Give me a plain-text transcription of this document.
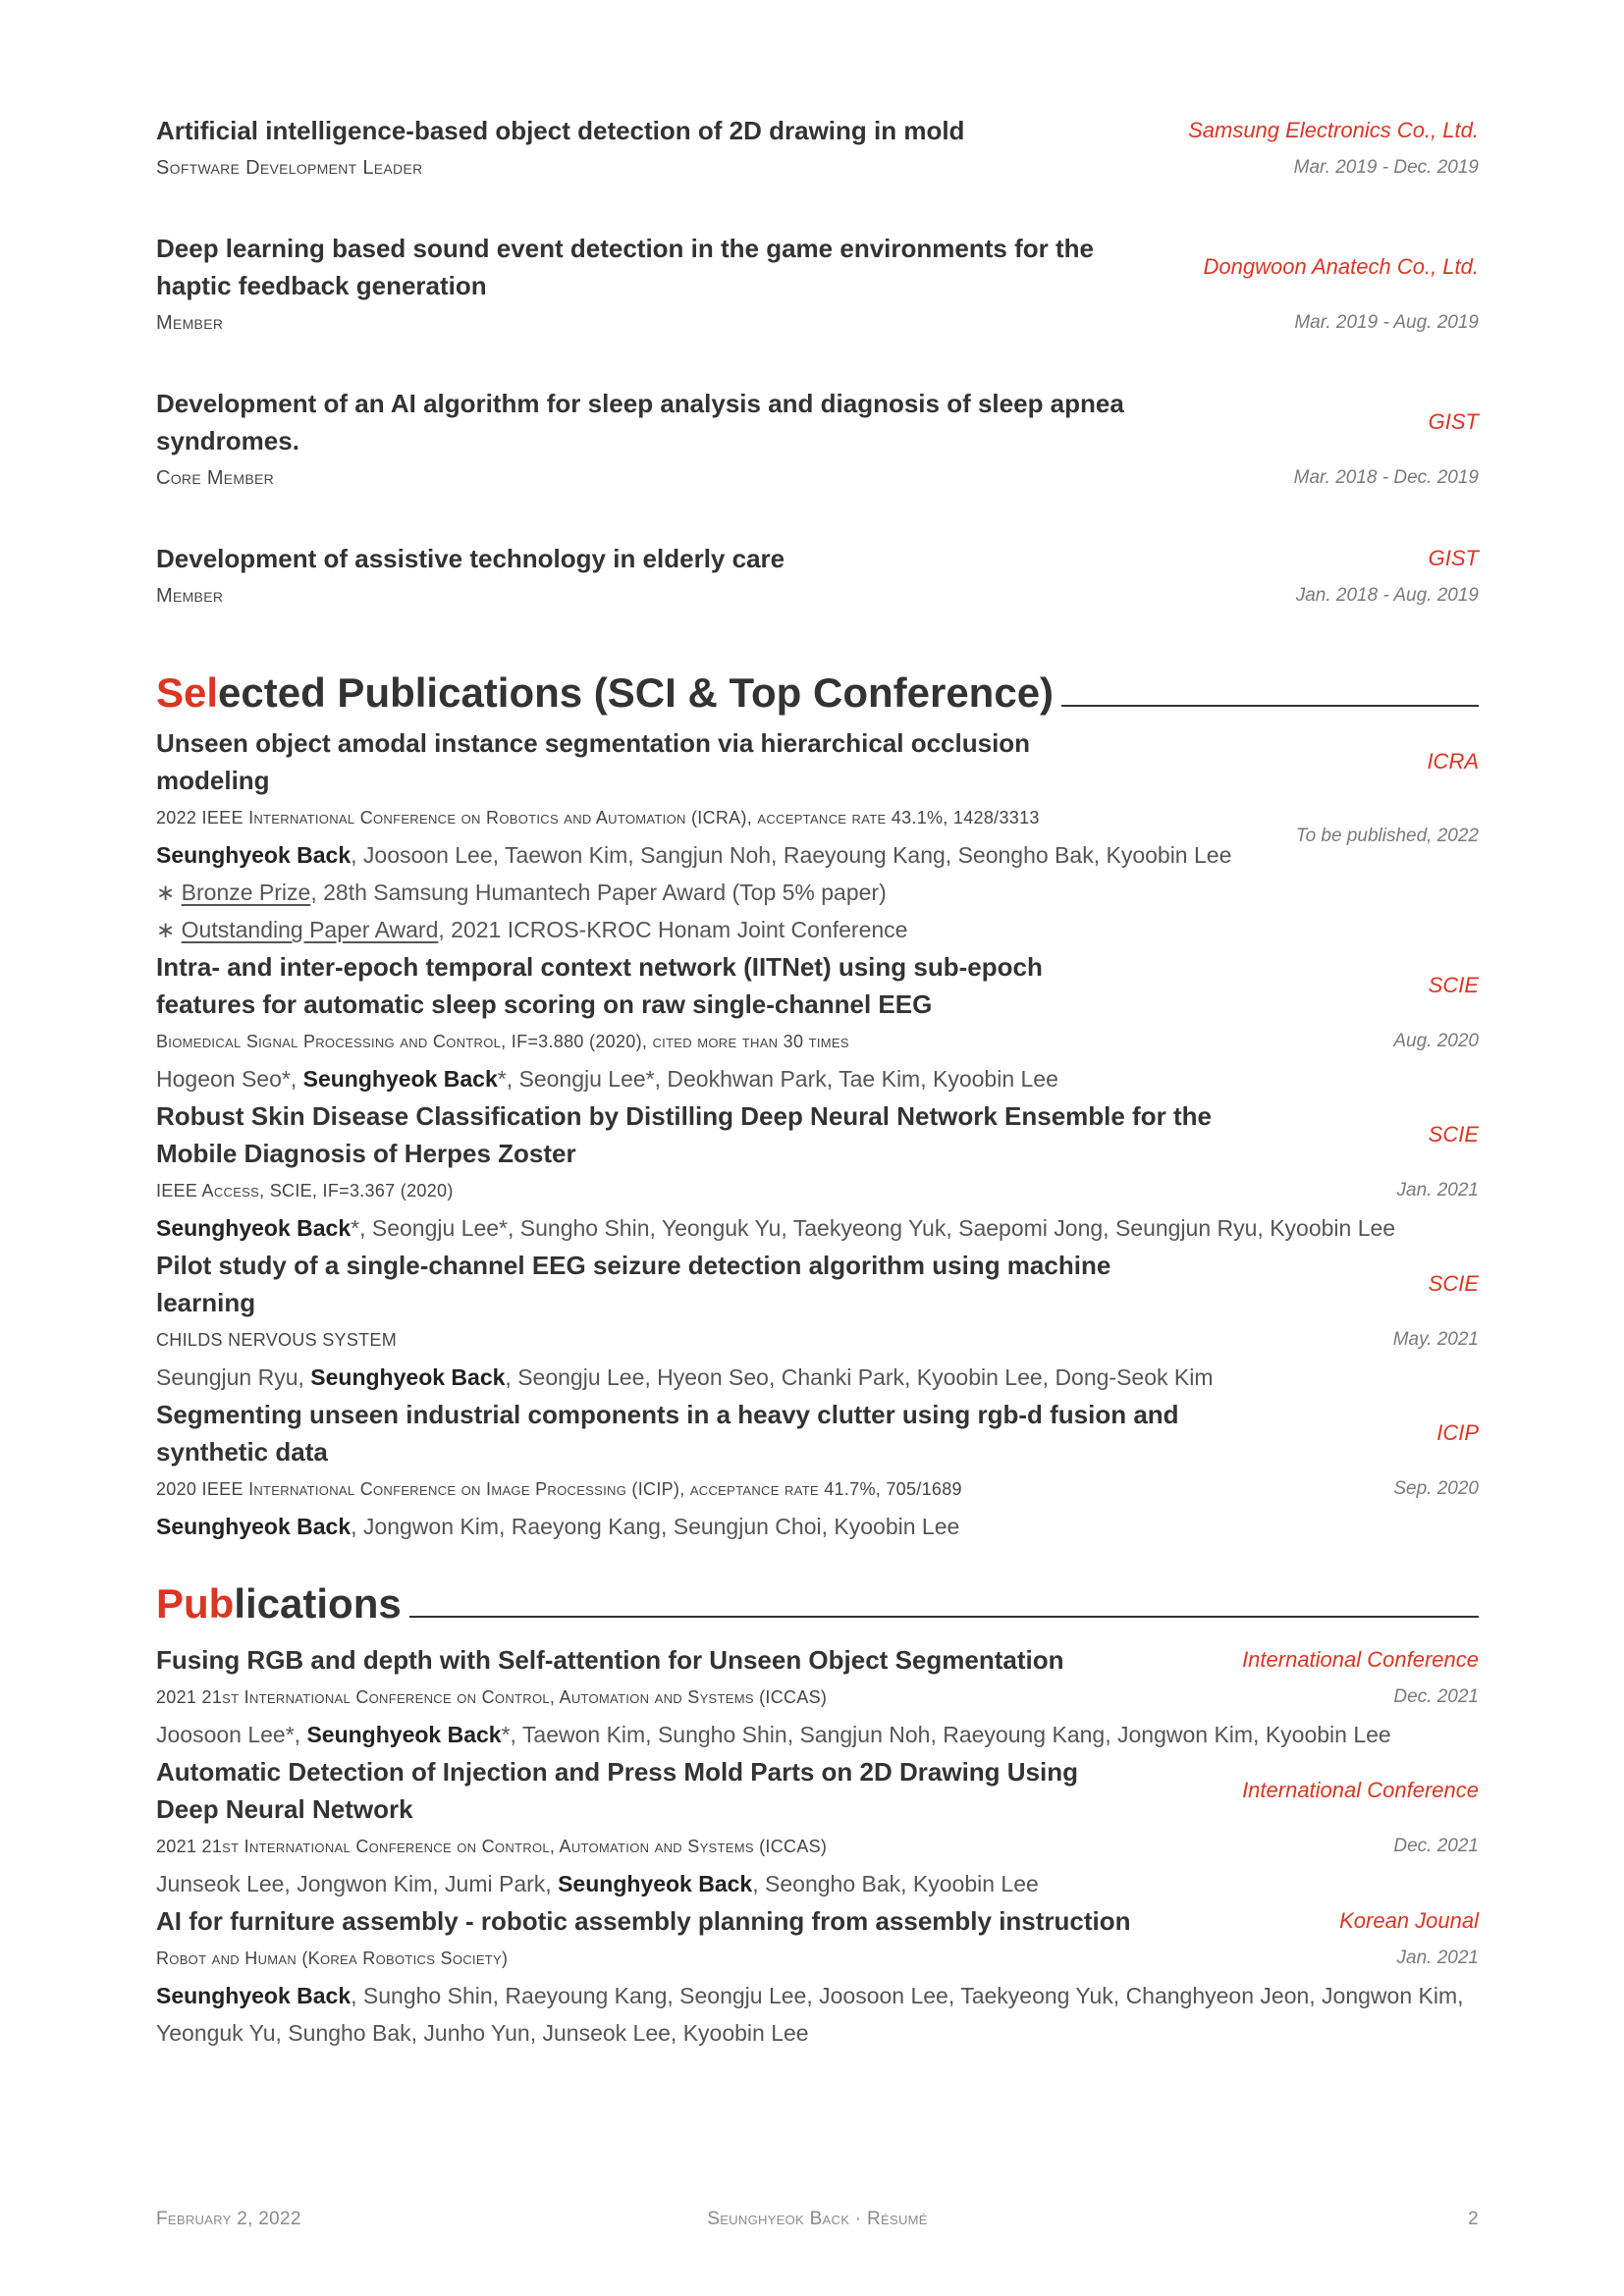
Samsung Electronics Co., Ltd.
Artificial intelligence-based object detection of 2D drawing in mold
Mar. 2019 - Dec. 2019
Software Development Leader
Dongwoon Anatech Co., Ltd.
Deep learning based sound event detection in the game environments for the haptic feedback generation
Mar. 2019 - Aug. 2019
Member
GIST
Development of an AI algorithm for sleep analysis and diagnosis of sleep apnea syndromes.
Mar. 2018 - Dec. 2019
Core Member
GIST
Development of assistive technology in elderly care
Jan. 2018 - Aug. 2019
Member
Sel ected Publications (SCI & Top Conference)
ICRA
Unseen object amodal instance segmentation via hierarchical occlusion modeling
2022 IEEE International Conference on Robotics and Automation (ICRA), acceptance rate 43.1%, 1428/3313
To be published, 2022
Seunghyeok Back, Joosoon Lee, Taewon Kim, Sangjun Noh, Raeyoung Kang, Seongho Bak, Kyoobin Lee
∗ Bronze Prize, 28th Samsung Humantech Paper Award (Top 5% paper)
∗ Outstanding Paper Award, 2021 ICROS-KROC Honam Joint Conference
SCIE
Intra- and inter-epoch temporal context network (IITNet) using sub-epoch features for automatic sleep scoring on raw single-channel EEG
Aug. 2020
Biomedical Signal Processing and Control, IF=3.880 (2020), cited more than 30 times
Hogeon Seo*, Seunghyeok Back*, Seongju Lee*, Deokhwan Park, Tae Kim, Kyoobin Lee
SCIE
Robust Skin Disease Classification by Distilling Deep Neural Network Ensemble for the Mobile Diagnosis of Herpes Zoster
Jan. 2021
IEEE Access, SCIE, IF=3.367 (2020)
Seunghyeok Back*, Seongju Lee*, Sungho Shin, Yeonguk Yu, Taekyeong Yuk, Saepomi Jong, Seungjun Ryu, Kyoobin Lee
SCIE
Pilot study of a single-channel EEG seizure detection algorithm using machine learning
May. 2021
CHILDS NERVOUS SYSTEM
Seungjun Ryu, Seunghyeok Back, Seongju Lee, Hyeon Seo, Chanki Park, Kyoobin Lee, Dong-Seok Kim
ICIP
Segmenting unseen industrial components in a heavy clutter using rgb-d fusion and synthetic data
Sep. 2020
2020 IEEE International Conference on Image Processing (ICIP), acceptance rate 41.7%, 705/1689
Seunghyeok Back, Jongwon Kim, Raeyong Kang, Seungjun Choi, Kyoobin Lee
Pub lications
International Conference
Fusing RGB and depth with Self-attention for Unseen Object Segmentation
Dec. 2021
2021 21st International Conference on Control, Automation and Systems (ICCAS)
Joosoon Lee*, Seunghyeok Back*, Taewon Kim, Sungho Shin, Sangjun Noh, Raeyoung Kang, Jongwon Kim, Kyoobin Lee
International Conference
Automatic Detection of Injection and Press Mold Parts on 2D Drawing Using Deep Neural Network
Dec. 2021
2021 21st International Conference on Control, Automation and Systems (ICCAS)
Junseok Lee, Jongwon Kim, Jumi Park, Seunghyeok Back, Seongho Bak, Kyoobin Lee
Korean Jounal
AI for furniture assembly - robotic assembly planning from assembly instruction
Jan. 2021
Robot and Human (Korea Robotics Society)
Seunghyeok Back, Sungho Shin, Raeyoung Kang, Seongju Lee, Joosoon Lee, Taekyeong Yuk, Changhyeon Jeon, Jongwon Kim, Yeonguk Yu, Sungho Bak, Junho Yun, Junseok Lee, Kyoobin Lee
February 2, 2022	Seunghyeok Back · Résumé	2
